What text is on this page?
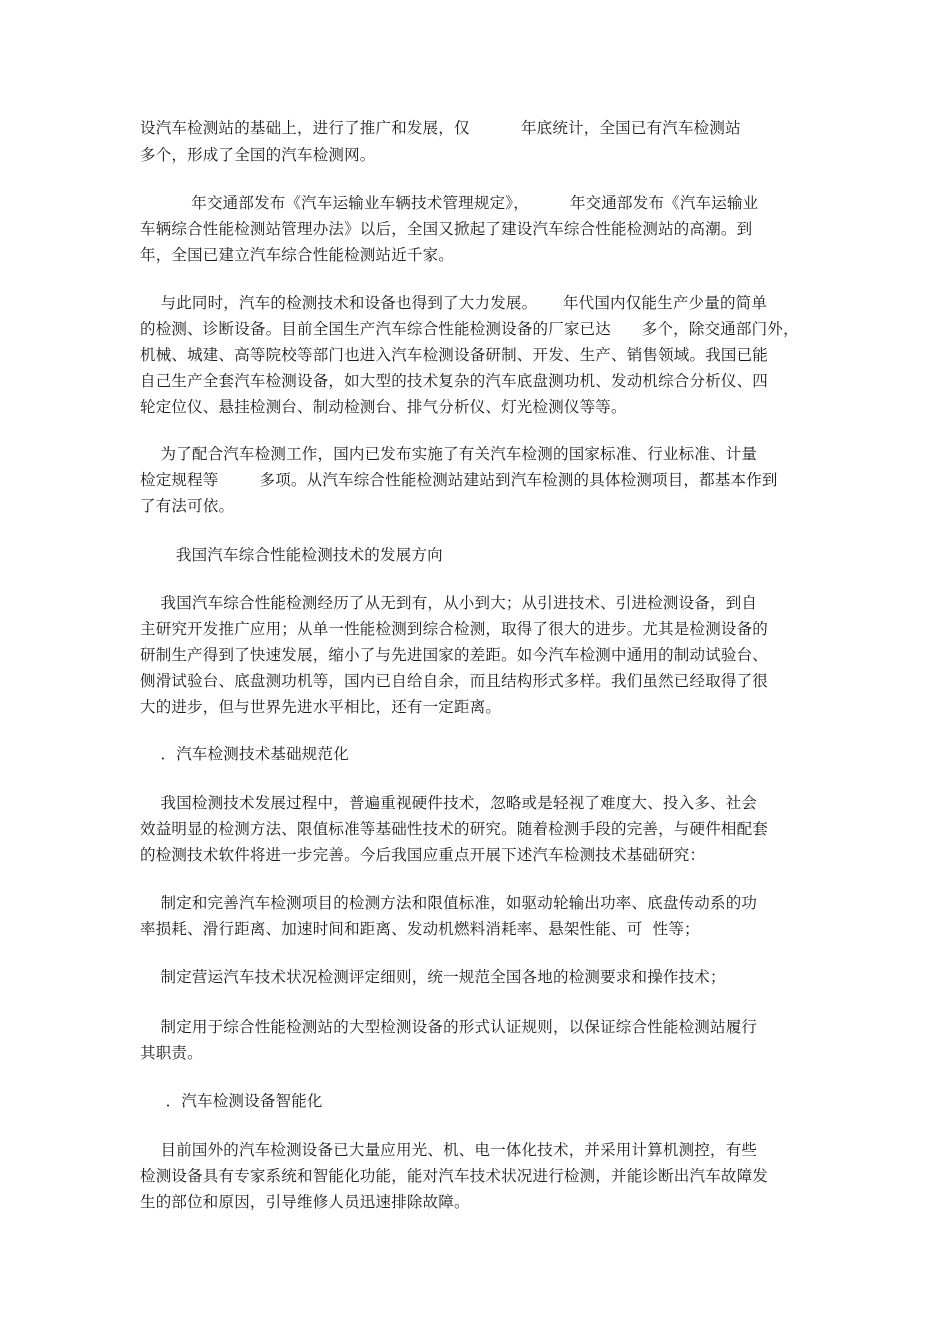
设汽车检测站的基础上，进行了推广和发展，仅          年底统计，全国已有汽车检测站
多个，形成了全国的汽车检测网。
年交通部发布《汽车运输业车辆技术管理规定》，        年交通部发布《汽车运输业
车辆综合性能检测站管理办法》以后，全国又掀起了建设汽车综合性能检测站的高潮。到
年，全国已建立汽车综合性能检测站近千家。
与此同时，汽车的检测技术和设备也得到了大力发展。     年代国内仅能生产少量的简单
的检测、诊断设备。目前全国生产汽车综合性能检测设备的厂家已达      多个，除交通部门外，
机械、城建、高等院校等部门也进入汽车检测设备研制、开发、生产、销售领域。我国已能
自己生产全套汽车检测设备，如大型的技术复杂的汽车底盘测功机、发动机综合分析仪、四
轮定位仪、悬挂检测台、制动检测台、排气分析仪、灯光检测仪等等。
为了配合汽车检测工作，国内已发布实施了有关汽车检测的国家标准、行业标准、计量
检定规程等        多项。从汽车综合性能检测站建站到汽车检测的具体检测项目，都基本作到
了有法可依。
我国汽车综合性能检测技术的发展方向
我国汽车综合性能检测经历了从无到有，从小到大；从引进技术、引进检测设备，到自
主研究开发推广应用；从单一性能检测到综合检测，取得了很大的进步。尤其是检测设备的
研制生产得到了快速发展，缩小了与先进国家的差距。如今汽车检测中通用的制动试验台、
侧滑试验台、底盘测功机等，国内已自给自余，而且结构形式多样。我们虽然已经取得了很
大的进步，但与世界先进水平相比，还有一定距离。
．汽车检测技术基础规范化
我国检测技术发展过程中，普遍重视硬件技术，忽略或是轻视了难度大、投入多、社会
效益明显的检测方法、限值标准等基础性技术的研究。随着检测手段的完善，与硬件相配套
的检测技术软件将进一步完善。今后我国应重点开展下述汽车检测技术基础研究：
制定和完善汽车检测项目的检测方法和限值标准，如驱动轮输出功率、底盘传动系的功
率损耗、滑行距离、加速时间和距离、发动机燃料消耗率、悬架性能、可  性等；
制定营运汽车技术状况检测评定细则，统一规范全国各地的检测要求和操作技术；
制定用于综合性能检测站的大型检测设备的形式认证规则，以保证综合性能检测站履行
其职责。
．汽车检测设备智能化
目前国外的汽车检测设备已大量应用光、机、电一体化技术，并采用计算机测控，有些
检测设备具有专家系统和智能化功能，能对汽车技术状况进行检测，并能诊断出汽车故障发
生的部位和原因，引导维修人员迅速排除故障。
